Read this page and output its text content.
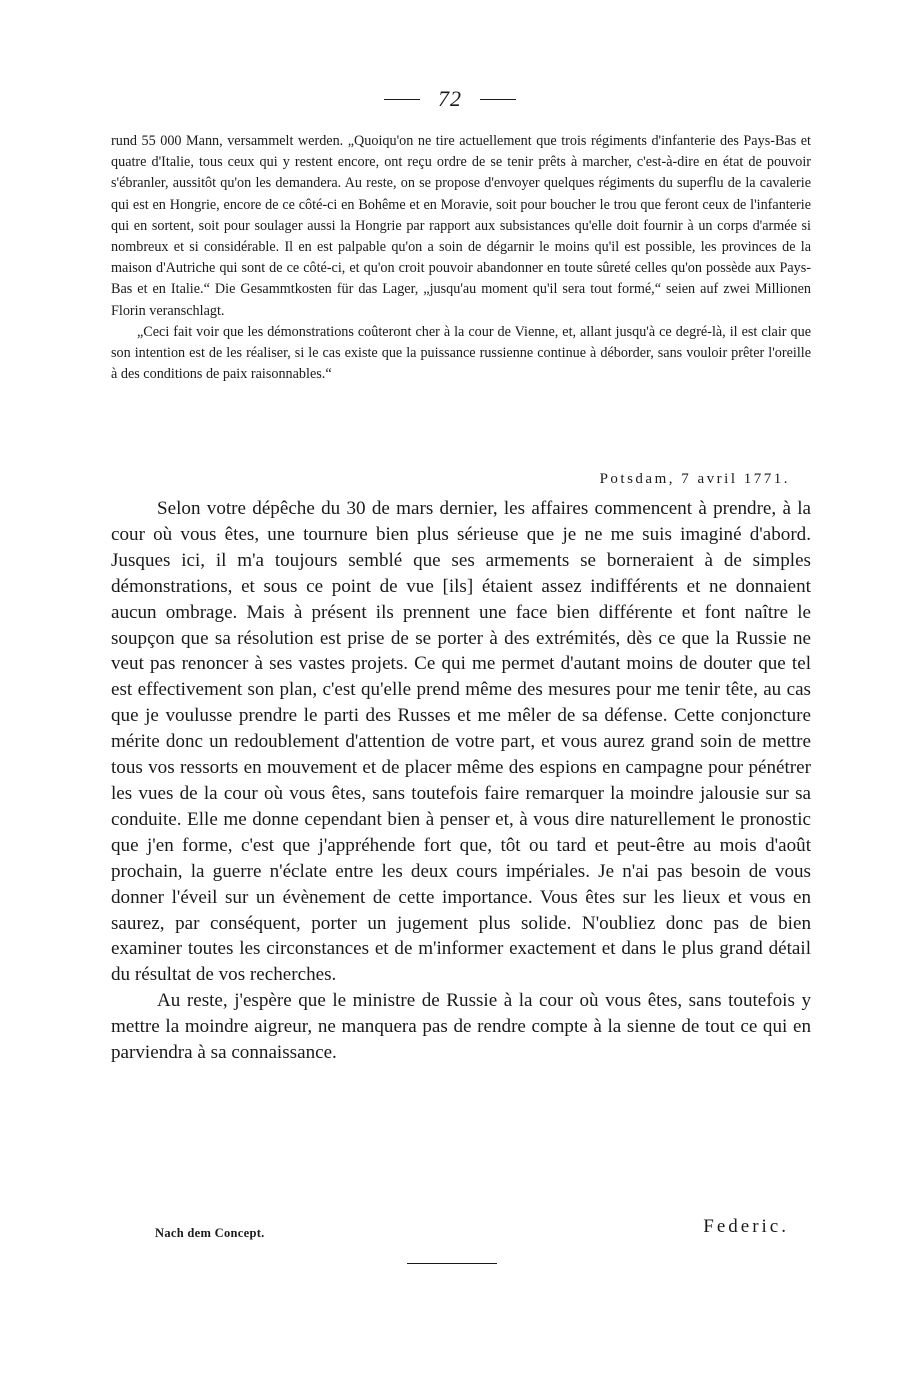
72

rund 55 000 Mann, versammelt werden. „Quoiqu'on ne tire actuellement que trois régiments d'infanterie des Pays-Bas et quatre d'Italie, tous ceux qui y restent encore, ont reçu ordre de se tenir prêts à marcher, c'est-à-dire en état de pouvoir s'ébranler, aussitôt qu'on les demandera. Au reste, on se propose d'envoyer quelques régiments du superflu de la cavalerie qui est en Hongrie, encore de ce côté-ci en Bohême et en Moravie, soit pour boucher le trou que feront ceux de l'infanterie qui en sortent, soit pour soulager aussi la Hongrie par rapport aux subsistances qu'elle doit fournir à un corps d'armée si nombreux et si considérable. Il en est palpable qu'on a soin de dégarnir le moins qu'il est possible, les provinces de la maison d'Autriche qui sont de ce côté-ci, et qu'on croit pouvoir abandonner en toute sûreté celles qu'on possède aux Pays-Bas et en Italie.“ Die Gesammtkosten für das Lager, „jusqu'au moment qu'il sera tout formé,“ seien auf zwei Millionen Florin veranschlagt.

„Ceci fait voir que les démonstrations coûteront cher à la cour de Vienne, et, allant jusqu'à ce degré-là, il est clair que son intention est de les réaliser, si le cas existe que la puissance russienne continue à déborder, sans vouloir prêter l'oreille à des conditions de paix raisonnables.“

Potsdam, 7 avril 1771.

Selon votre dépêche du 30 de mars dernier, les affaires commencent à prendre, à la cour où vous êtes, une tournure bien plus sérieuse que je ne me suis imaginé d'abord. Jusques ici, il m'a toujours semblé que ses armements se borneraient à de simples démonstrations, et sous ce point de vue [ils] étaient assez indifférents et ne donnaient aucun ombrage. Mais à présent ils prennent une face bien différente et font naître le soupçon que sa résolution est prise de se porter à des extrémités, dès ce que la Russie ne veut pas renoncer à ses vastes projets. Ce qui me permet d'autant moins de douter que tel est effectivement son plan, c'est qu'elle prend même des mesures pour me tenir tête, au cas que je voulusse prendre le parti des Russes et me mêler de sa défense. Cette conjoncture mérite donc un redoublement d'attention de votre part, et vous aurez grand soin de mettre tous vos ressorts en mouvement et de placer même des espions en campagne pour pénétrer les vues de la cour où vous êtes, sans toutefois faire remarquer la moindre jalousie sur sa conduite. Elle me donne cependant bien à penser et, à vous dire naturellement le pronostic que j'en forme, c'est que j'appréhende fort que, tôt ou tard et peut-être au mois d'août prochain, la guerre n'éclate entre les deux cours impériales. Je n'ai pas besoin de vous donner l'éveil sur un évènement de cette importance. Vous êtes sur les lieux et vous en saurez, par conséquent, porter un jugement plus solide. N'oubliez donc pas de bien examiner toutes les circonstances et de m'informer exactement et dans le plus grand détail du résultat de vos recherches.

Au reste, j'espère que le ministre de Russie à la cour où vous êtes, sans toutefois y mettre la moindre aigreur, ne manquera pas de rendre compte à la sienne de tout ce qui en parviendra à sa connaissance.

Nach dem Concept.	Federic.
